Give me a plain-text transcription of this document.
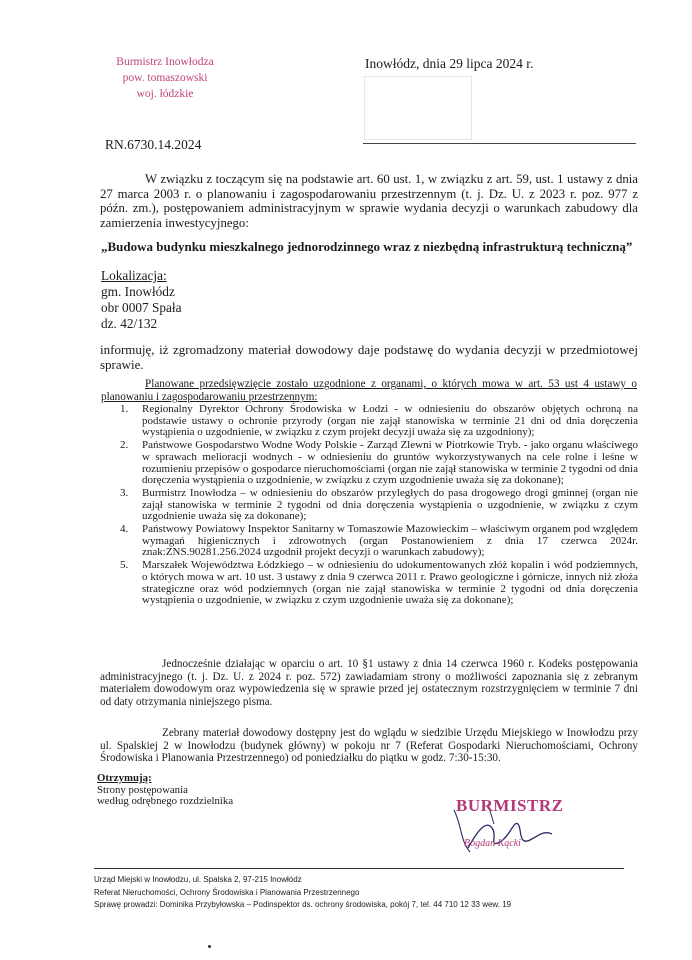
Burmistrz Inowłodza
pow. tomaszowski
woj. łódzkie
Inowłódz, dnia 29 lipca 2024 r.
RN.6730.14.2024
W związku z toczącym się na podstawie art. 60 ust. 1, w związku z art. 59, ust. 1 ustawy z dnia 27 marca 2003 r. o planowaniu i zagospodarowaniu przestrzennym (t. j. Dz. U. z 2023 r. poz. 977 z późn. zm.), postępowaniem administracyjnym w sprawie wydania decyzji o warunkach zabudowy dla zamierzenia inwestycyjnego:
„Budowa budynku mieszkalnego jednorodzinnego wraz z niezbędną infrastrukturą techniczną”
Lokalizacja:
gm. Inowłódz
obr 0007 Spała
dz. 42/132
informuję, iż zgromadzony materiał dowodowy daje podstawę do wydania decyzji w przedmiotowej sprawie.
Planowane przedsięwzięcie zostało uzgodnione z organami, o których mowa w art. 53 ust 4 ustawy o planowaniu i zagospodarowaniu przestrzennym:
1. Regionalny Dyrektor Ochrony Środowiska w Łodzi - w odniesieniu do obszarów objętych ochroną na podstawie ustawy o ochronie przyrody (organ nie zajął stanowiska w terminie 21 dni od dnia doręczenia wystąpienia o uzgodnienie, w związku z czym projekt decyzji uważa się za uzgodniony);
2. Państwowe Gospodarstwo Wodne Wody Polskie - Zarząd Zlewni w Piotrkowie Tryb. - jako organu właściwego w sprawach melioracji wodnych - w odniesieniu do gruntów wykorzystywanych na cele rolne i leśne w rozumieniu przepisów o gospodarce nieruchomościami (organ nie zajął stanowiska w terminie 2 tygodni od dnia doręczenia wystąpienia o uzgodnienie, w związku z czym uzgodnienie uważa się za dokonane);
3. Burmistrz Inowłodza – w odniesieniu do obszarów przyległych do pasa drogowego drogi gminnej (organ nie zajął stanowiska w terminie 2 tygodni od dnia doręczenia wystąpienia o uzgodnienie, w związku z czym uzgodnienie uważa się za dokonane);
4. Państwowy Powiatowy Inspektor Sanitarny w Tomaszowie Mazowieckim – właściwym organem pod względem wymagań higienicznych i zdrowotnych (organ Postanowieniem z dnia 17 czerwca 2024r. znak:ZNS.90281.256.2024 uzgodnił projekt decyzji o warunkach zabudowy);
5. Marszałek Województwa Łódzkiego – w odniesieniu do udokumentowanych złóż kopalin i wód podziemnych, o których mowa w art. 10 ust. 3 ustawy z dnia 9 czerwca 2011 r. Prawo geologiczne i górnicze, innych niż złoża strategiczne oraz wód podziemnych (organ nie zajął stanowiska w terminie 2 tygodni od dnia doręczenia wystąpienia o uzgodnienie, w związku z czym uzgodnienie uważa się za dokonane);
Jednocześnie działając w oparciu o art. 10 §1 ustawy z dnia 14 czerwca 1960 r. Kodeks postępowania administracyjnego (t. j. Dz. U. z 2024 r. poz. 572) zawiadamiam strony o możliwości zapoznania się z zebranym materiałem dowodowym oraz wypowiedzenia się w sprawie przed jej ostatecznym rozstrzygnięciem w terminie 7 dni od daty otrzymania niniejszego pisma.
Zebrany materiał dowodowy dostępny jest do wglądu w siedzibie Urzędu Miejskiego w Inowłodzu przy ul. Spalskiej 2 w Inowłodzu (budynek główny) w pokoju nr 7 (Referat Gospodarki Nieruchomościami, Ochrony Środowiska i Planowania Przestrzennego) od poniedziałku do piątku w godz. 7:30-15:30.
Otrzymują:
Strony postępowania
według odrębnego rozdzielnika	BURMISTRZ
Bogdan Kącki
Urząd Miejski w Inowłodzu, ul. Spalska 2, 97-215 Inowłódz
Referat Nieruchomości, Ochrony Środowiska i Planowania Przestrzennego
Sprawę prowadzi: Dominika Przybyłowska – Podinspektor ds. ochrony środowiska, pokój 7, tel. 44 710 12 33 wew. 19
